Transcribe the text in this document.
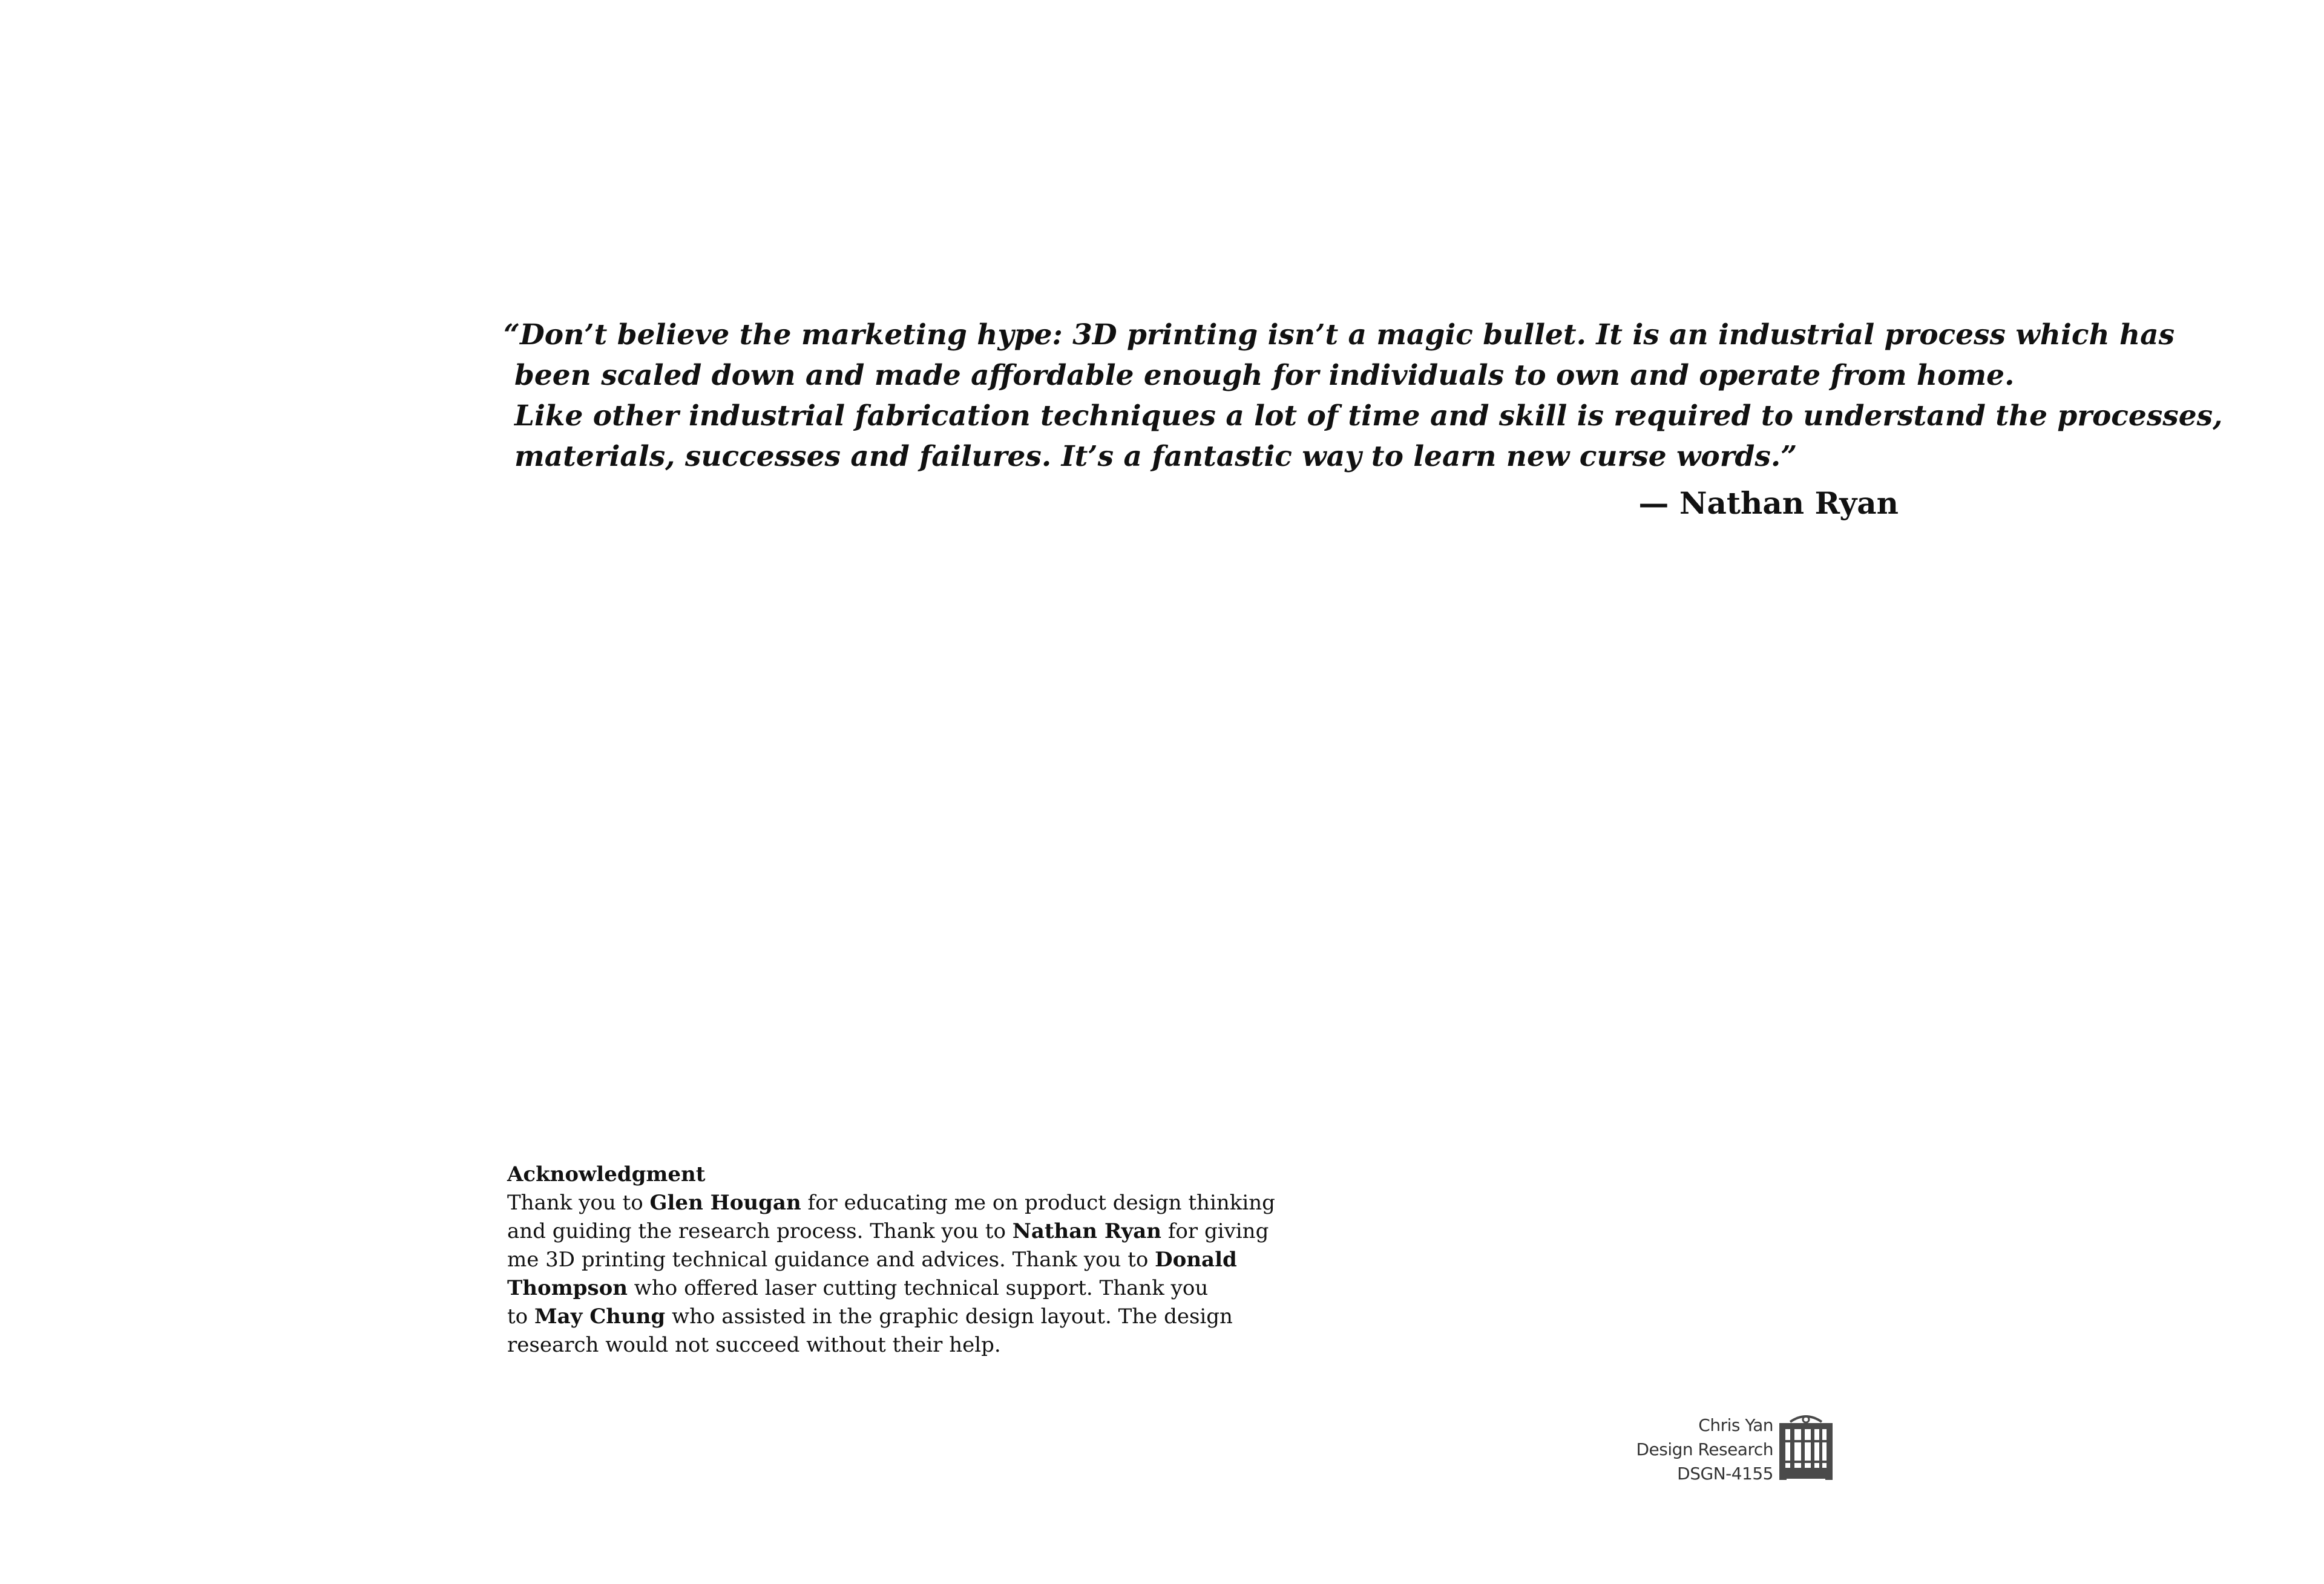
“Don’t believe the marketing hype: 3D printing isn’t a magic bullet. It is an industrial process which has
been scaled down and made affordable enough for individuals to own and operate from home.
Like other industrial fabrication techniques a lot of time and skill is required to understand the processes,
materials, successes and failures. It’s a fantastic way to learn new curse words.”
— Nathan Ryan
Acknowledgment
Thank you to Glen Hougan for educating me on product design thinking
and guiding the research process. Thank you to Nathan Ryan for giving
me 3D printing technical guidance and advices. Thank you to Donald
Thompson who offered laser cutting technical support. Thank you
to May Chung who assisted in the graphic design layout. The design
research would not succeed without their help.
Chris Yan
Design Research
DSGN-4155
